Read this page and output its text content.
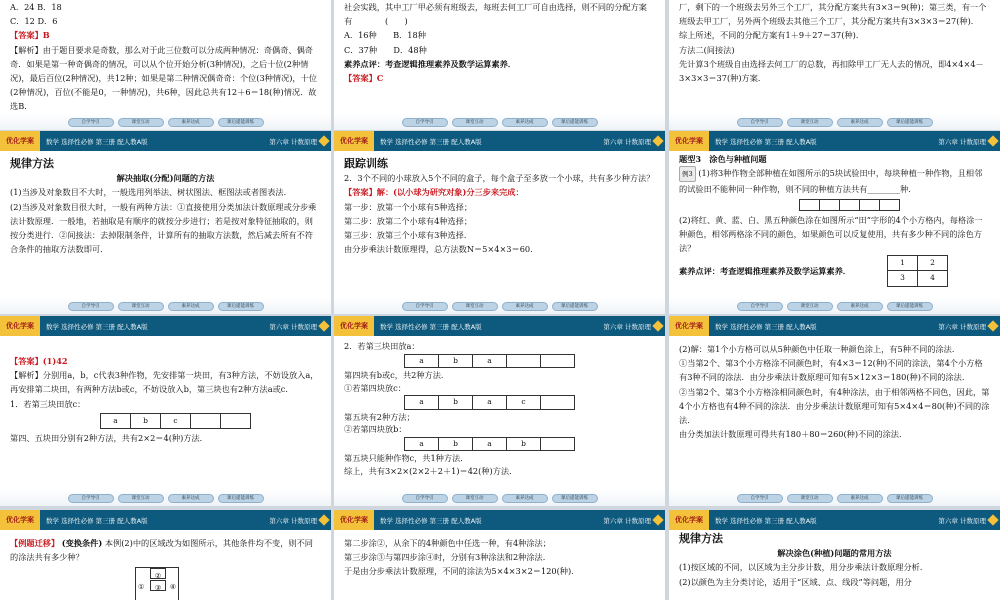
A．24 B．18
C．12 D．6
【答案】B
【解析】由于题目要求是奇数，那么对于此三位数可以分成两种情况：奇偶奇、偶奇奇．如果是第一种奇偶奇的情况，可以从个位开始分析(3种情况)，之后十位(2种情况)，最后百位(2种情况)，共12种；如果是第二种情况偶奇奇：个位(3种情况)，十位(2种情况)，百位(不能是0，一种情况)，共6种，因此总共有12＋6＝18(种)情况．故选B．
自学导引	课堂互动	素养达成	课后提能训练
社会实践，其中工厂甲必须有班级去，每班去何工厂可自由选择，则不同的分配方案有　　　　(　　)
A．16种　　B．18种
C．37种　　D．48种
素养点评：考查逻辑推理素养及数学运算素养．
【答案】C
自学导引	课堂互动	素养达成	课后提能训练
厂，剩下的一个班级去另外三个工厂，其分配方案共有3×3＝9(种)；第三类，有一个班级去甲工厂，另外两个班级去其他三个工厂，其分配方案共有3×3×3＝27(种)．
综上所述，不同的分配方案有1＋9＋27＝37(种)．
方法二(间接法)
先计算3个班级自由选择去何工厂的总数，再扣除甲工厂无人去的情况，即4×4×4－3×3×3＝37(种)方案．
自学导引	课堂互动	素养达成	课后提能训练
优化学案	数学 选择性必修 第三册 配人教A版	第六章 计数原理
规律方法
解决抽取(分配)问题的方法
(1)当涉及对象数目不大时，一般选用列举法、树状图法、框图法或者图表法．
(2)当涉及对象数目很大时，一般有两种方法：①直接使用分类加法计数原理或分步乘法计数原理．一般地，若抽取是有顺序的就按分步进行；若是按对象特征抽取的，则按分类进行．②间接法：去掉限制条件，计算所有的抽取方法数，然后减去所有不符合条件的抽取方法数即可．
自学导引	课堂互动	素养达成	课后提能训练
优化学案	数学 选择性必修 第三册 配人教A版	第六章 计数原理
跟踪训练
2．3个不同的小球放入5个不同的盒子，每个盒子至多放一个小球，共有多少种方法？
【答案】解：(以小球为研究对象)分三步来完成：
第一步：放第一个小球有5种选择；
第二步：放第二个小球有4种选择；
第三步：放第三个小球有3种选择．
由分步乘法计数原理得，总方法数N＝5×4×3＝60．
自学导引	课堂互动	素养达成	课后提能训练
优化学案	数学 选择性必修 第三册 配人教A版	第六章 计数原理
题型3　涂色与种植问题
例3 (1)将3种作物全部种植在如图所示的5块试验田中，每块种植一种作物，且相邻的试验田不能种同一种作物，则不同的种植方法共有________种．

(2)将红、黄、蓝、白、黑五种颜色涂在如图所示“田”字形的4个小方格内，每格涂一种颜色，相邻两格涂不同的颜色，如果颜色可以反复使用，共有多少种不同的涂色方法？
素养点评：考查逻辑推理素养及数学运算素养．
1	2
3	4
自学导引	课堂互动	素养达成	课后提能训练
优化学案	数学 选择性必修 第三册 配人教A版	第六章 计数原理
【答案】(1)42
【解析】分别用a，b，c代表3种作物，先安排第一块田，有3种方法，不妨设放入a，再安排第二块田，有两种方法b或c，不妨设放入b，第三块也有2种方法a或c．
1．若第三块田放c：
a	b	c		
第四、五块田分别有2种方法，共有2×2＝4(种)方法．
自学导引	课堂互动	素养达成	课后提能训练
优化学案	数学 选择性必修 第三册 配人教A版	第六章 计数原理
2．若第三块田放a：
a	b	a		
第四块有b或c，共2种方法．
①若第四块放c：
a	b	a	c	
第五块有2种方法；
②若第四块放b：
a	b	a	b	
第五块只能种作物c，共1种方法．
综上，共有3×2×(2×2＋2＋1)＝42(种)方法．
自学导引	课堂互动	素养达成	课后提能训练
优化学案	数学 选择性必修 第三册 配人教A版	第六章 计数原理
(2)解：第1个小方格可以从5种颜色中任取一种颜色涂上，有5种不同的涂法．
①当第2个、第3个小方格涂不同颜色时，有4×3＝12(种)不同的涂法，第4个小方格有3种不同的涂法．由分步乘法计数原理可知有5×12×3＝180(种)不同的涂法．
②当第2个、第3个小方格涂相同颜色时，有4种涂法，由于相邻两格不同色，因此，第4个小方格也有4种不同的涂法．由分步乘法计数原理可知有5×4×4＝80(种)不同的涂法．
由分类加法计数原理可得共有180＋80＝260(种)不同的涂法．
自学导引	课堂互动	素养达成	课后提能训练
优化学案	数学 选择性必修 第三册 配人教A版	第六章 计数原理
【例题迁移】 (变换条件) 本例(2)中的区域改为如图所示，其他条件均不变，则不同的涂法共有多少种？
①
②
③	④
优化学案	数学 选择性必修 第三册 配人教A版	第六章 计数原理
第二步涂②，从余下的4种颜色中任选一种，有4种涂法；
第三步涂③与第四步涂④时，分别有3种涂法和2种涂法．
于是由分步乘法计数原理，不同的涂法为5×4×3×2＝120(种)．
优化学案	数学 选择性必修 第三册 配人教A版	第六章 计数原理
规律方法
解决涂色(种植)问题的常用方法
(1)按区域的不同，以区域为主分步计数，用分步乘法计数原理分析．
(2)以颜色为主分类讨论，适用于“区域、点、线段”等问题，用分
